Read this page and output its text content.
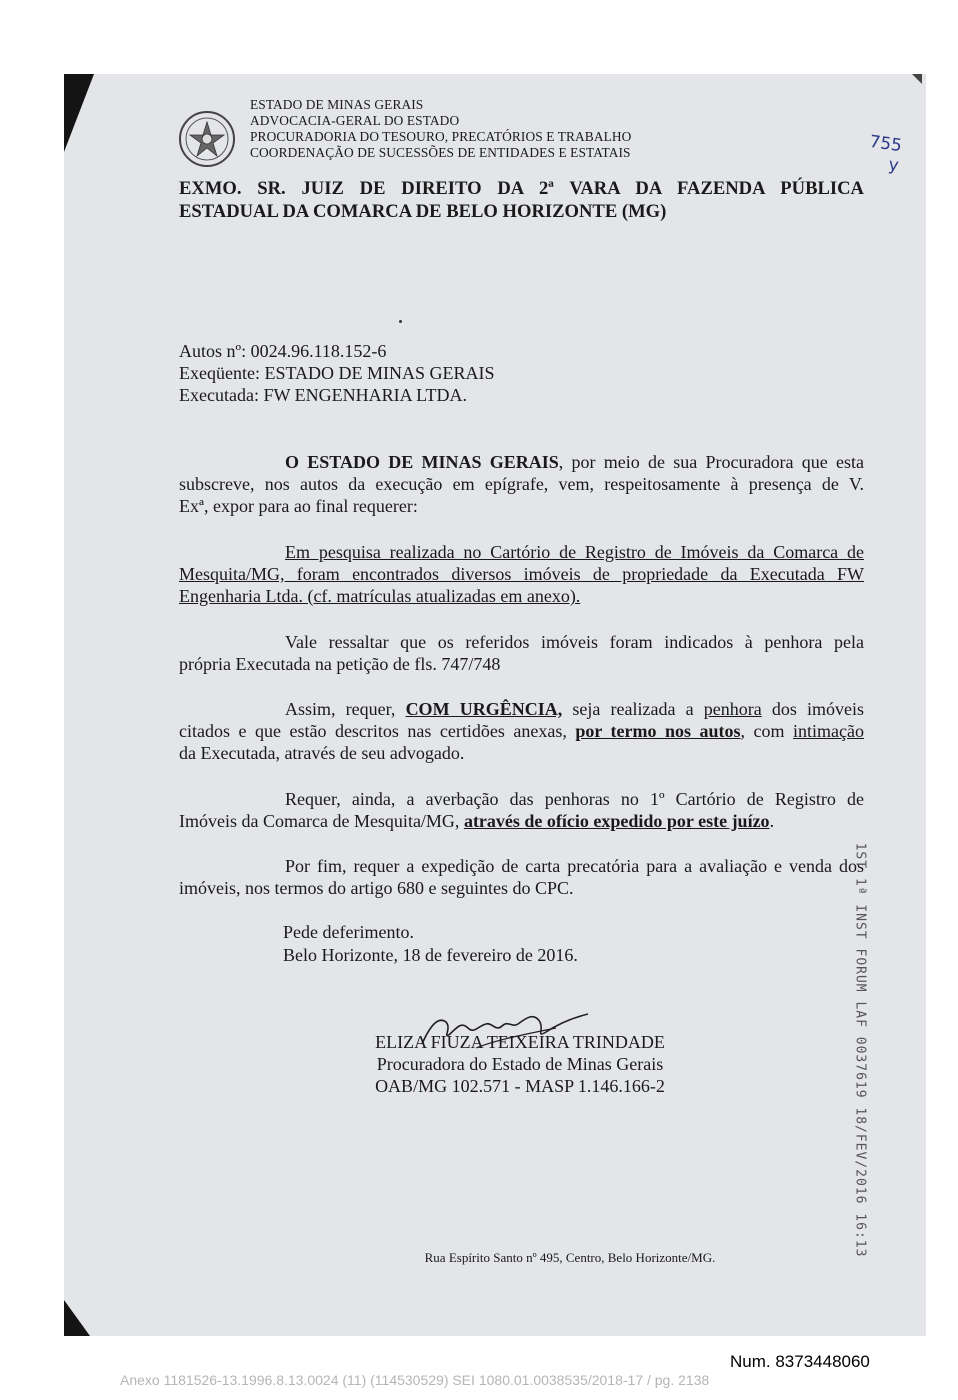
ESTADO DE MINAS GERAIS
ADVOCACIA-GERAL DO ESTADO
PROCURADORIA DO TESOURO, PRECATÓRIOS E TRABALHO
COORDENAÇÃO DE SUCESSÕES DE ENTIDADES E ESTATAIS	755
y
EXMO. SR. JUIZ DE DIREITO DA 2ª VARA DA FAZENDA PÚBLICA
ESTADUAL DA COMARCA DE BELO HORIZONTE (MG)
Autos nº: 0024.96.118.152-6
Exeqüente: ESTADO DE MINAS GERAIS
Executada: FW ENGENHARIA LTDA.
O ESTADO DE MINAS GERAIS, por meio de sua Procuradora que esta
subscreve, nos autos da execução em epígrafe, vem, respeitosamente à presença de V.
Exª, expor para ao final requerer:
Em pesquisa realizada no Cartório de Registro de Imóveis da Comarca de
Mesquita/MG, foram encontrados diversos imóveis de propriedade da Executada FW
Engenharia Ltda. (cf. matrículas atualizadas em anexo).
Vale ressaltar que os referidos imóveis foram indicados à penhora pela
própria Executada na petição de fls. 747/748
Assim, requer, COM URGÊNCIA, seja realizada a penhora dos imóveis
citados e que estão descritos nas certidões anexas, por termo nos autos, com intimação
da Executada, através de seu advogado.
Requer, ainda, a averbação das penhoras no 1º Cartório de Registro de
Imóveis da Comarca de Mesquita/MG, através de ofício expedido por este juízo.
Por fim, requer a expedição de carta precatória para a avaliação e venda dos
imóveis, nos termos do artigo 680 e seguintes do CPC.
Pede deferimento.
Belo Horizonte, 18 de fevereiro de 2016.
ELIZA FIUZA TEIXEIRA TRINDADE
Procuradora do Estado de Minas Gerais
OAB/MG 102.571 - MASP 1.146.166-2	1ST 1ª INST FORUM LAF 0037619 18/FEV/2016 16:13
Rua Espírito Santo nº 495, Centro, Belo Horizonte/MG.
Num. 8373448060
Anexo 1181526-13.1996.8.13.0024 (11) (114530529) SEI 1080.01.0038535/2018-17 / pg. 2138
